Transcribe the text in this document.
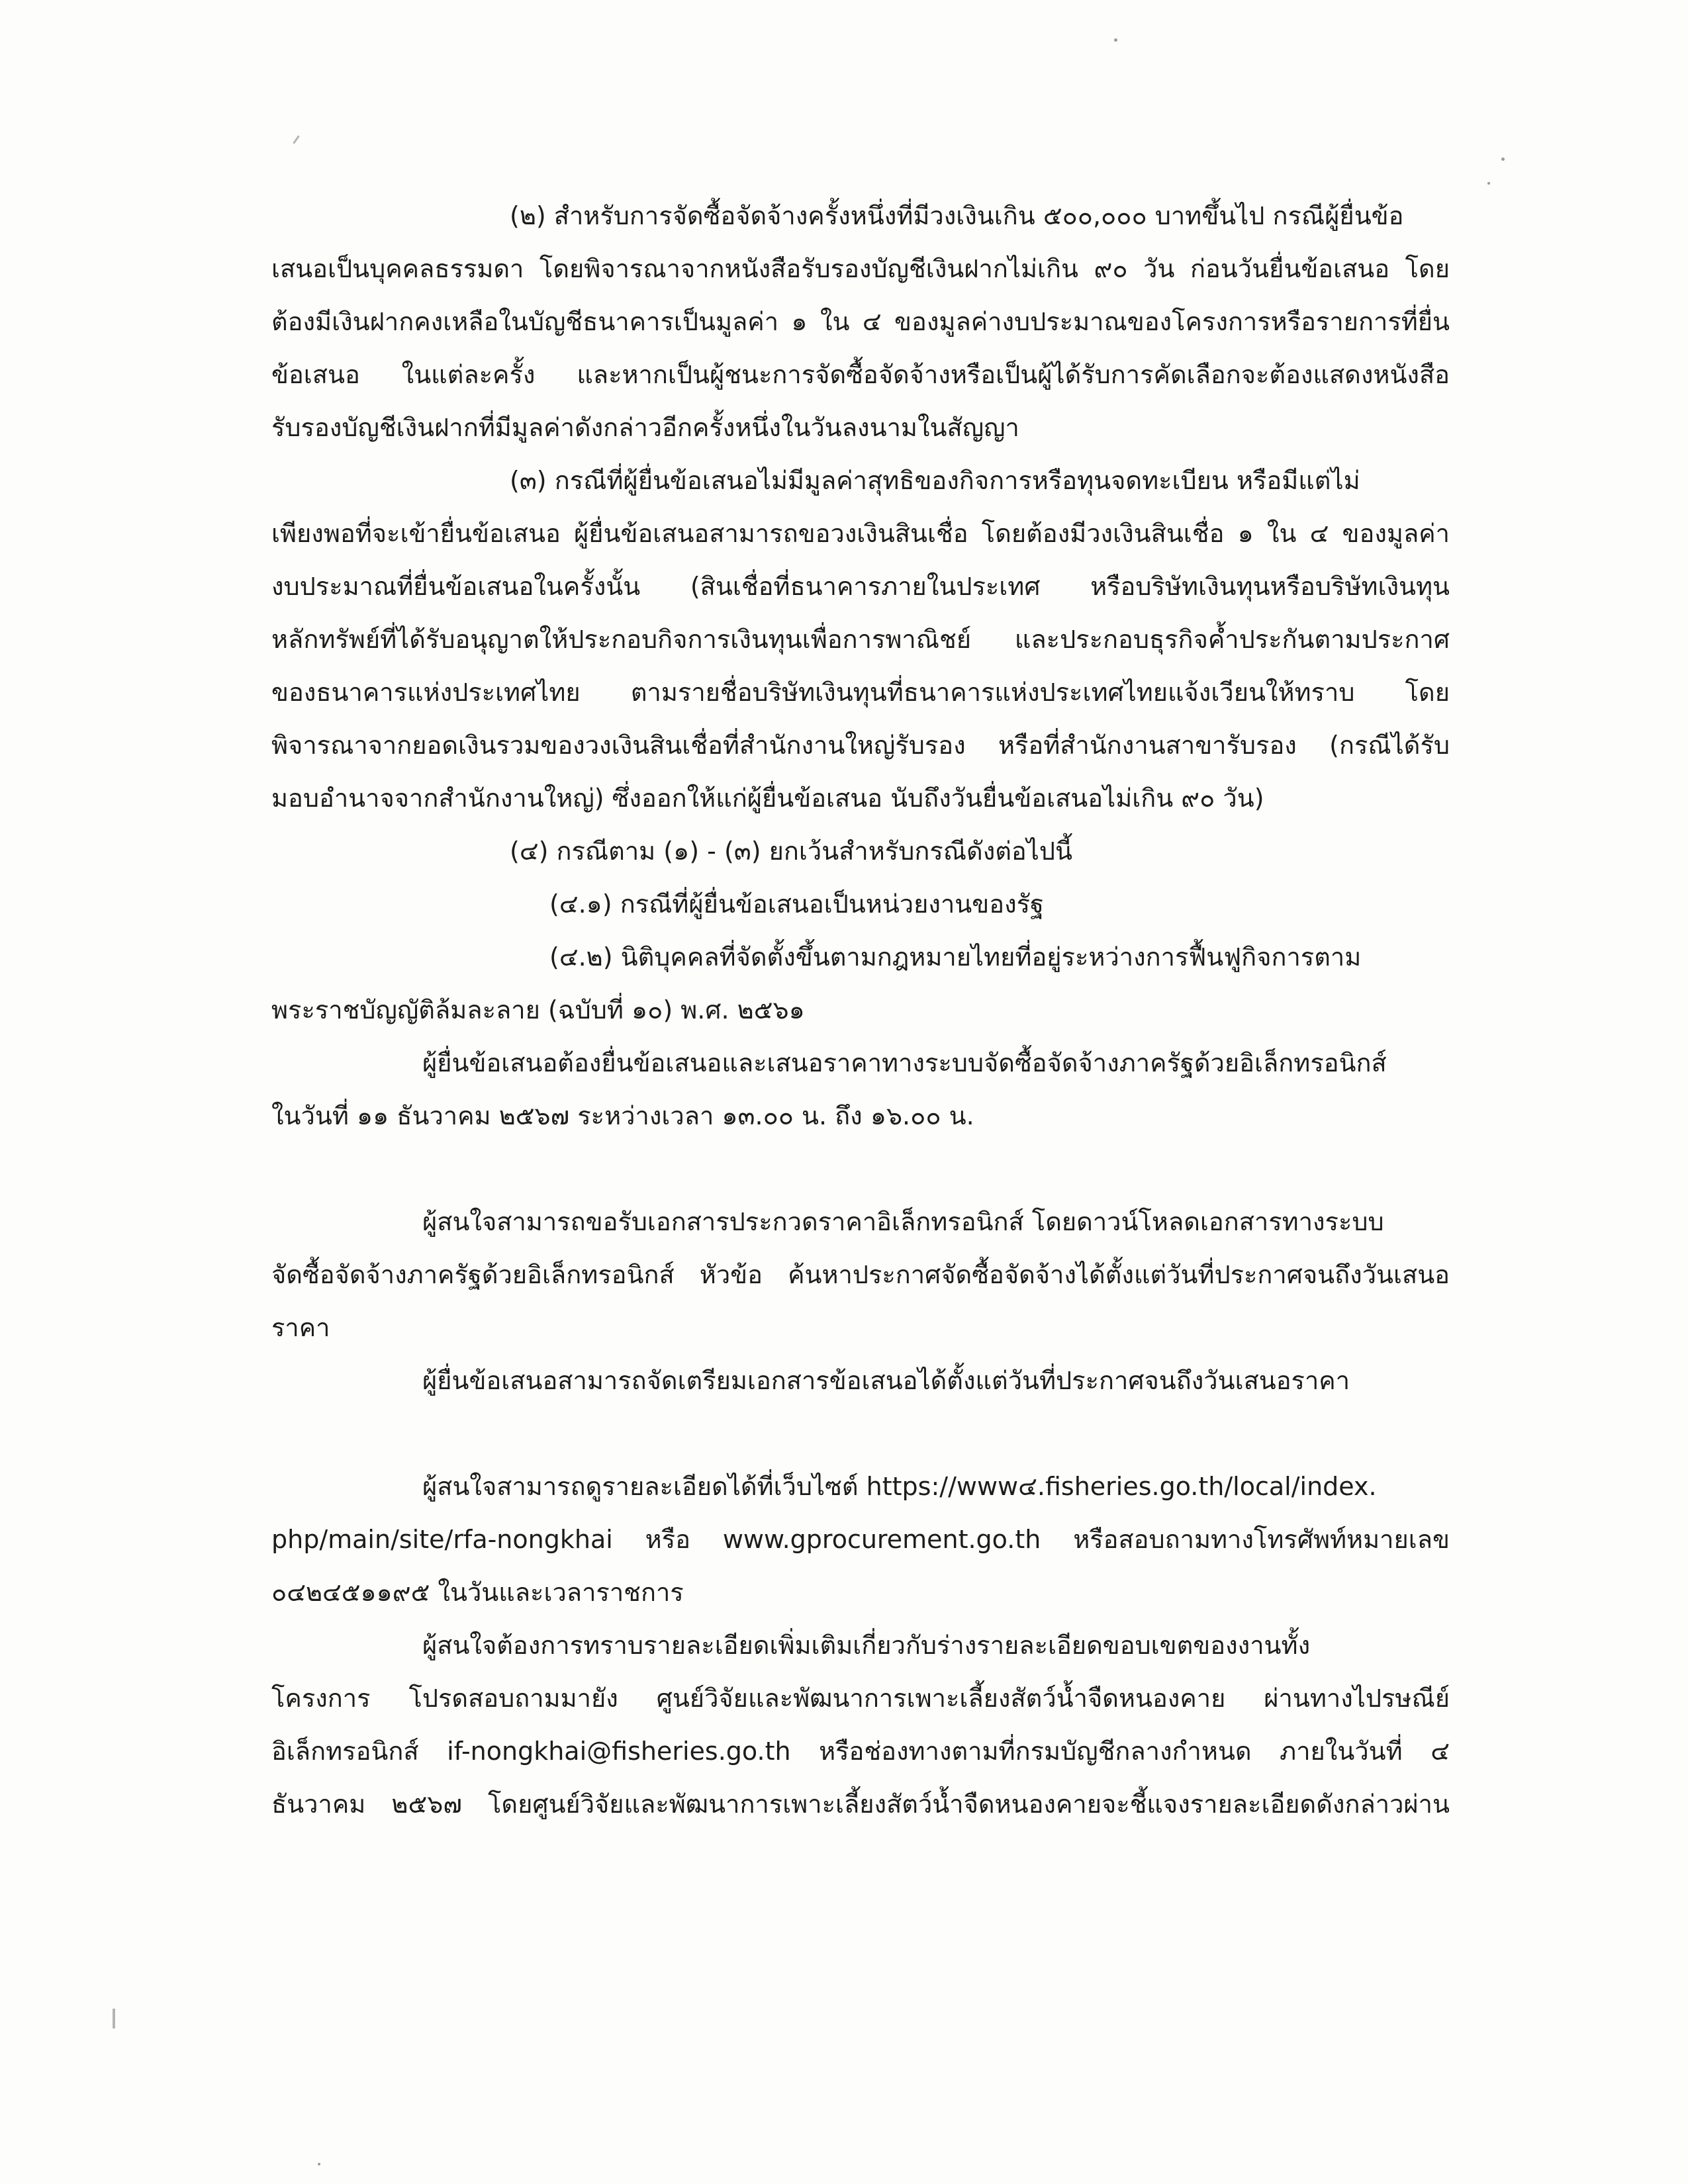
(๒) สำหรับการจัดซื้อจัดจ้างครั้งหนึ่งที่มีวงเงินเกิน ๕๐๐,๐๐๐ บาทขึ้นไป กรณีผู้ยื่นข้อ
เสนอเป็นบุคคลธรรมดา โดยพิจารณาจากหนังสือรับรองบัญชีเงินฝากไม่เกิน ๙๐ วัน ก่อนวันยื่นข้อเสนอ โดย
ต้องมีเงินฝากคงเหลือในบัญชีธนาคารเป็นมูลค่า ๑ ใน ๔ ของมูลค่างบประมาณของโครงการหรือรายการที่ยื่น
ข้อเสนอ ในแต่ละครั้ง และหากเป็นผู้ชนะการจัดซื้อจัดจ้างหรือเป็นผู้ได้รับการคัดเลือกจะต้องแสดงหนังสือ
รับรองบัญชีเงินฝากที่มีมูลค่าดังกล่าวอีกครั้งหนึ่งในวันลงนามในสัญญา
(๓) กรณีที่ผู้ยื่นข้อเสนอไม่มีมูลค่าสุทธิของกิจการหรือทุนจดทะเบียน หรือมีแต่ไม่
เพียงพอที่จะเข้ายื่นข้อเสนอ ผู้ยื่นข้อเสนอสามารถขอวงเงินสินเชื่อ โดยต้องมีวงเงินสินเชื่อ ๑ ใน ๔ ของมูลค่า
งบประมาณที่ยื่นข้อเสนอในครั้งนั้น (สินเชื่อที่ธนาคารภายในประเทศ หรือบริษัทเงินทุนหรือบริษัทเงินทุน
หลักทรัพย์ที่ได้รับอนุญาตให้ประกอบกิจการเงินทุนเพื่อการพาณิชย์ และประกอบธุรกิจค้ำประกันตามประกาศ
ของธนาคารแห่งประเทศไทย ตามรายชื่อบริษัทเงินทุนที่ธนาคารแห่งประเทศไทยแจ้งเวียนให้ทราบ โดย
พิจารณาจากยอดเงินรวมของวงเงินสินเชื่อที่สำนักงานใหญ่รับรอง หรือที่สำนักงานสาขารับรอง (กรณีได้รับ
มอบอำนาจจากสำนักงานใหญ่) ซึ่งออกให้แก่ผู้ยื่นข้อเสนอ นับถึงวันยื่นข้อเสนอไม่เกิน ๙๐ วัน)
(๔) กรณีตาม (๑) - (๓) ยกเว้นสำหรับกรณีดังต่อไปนี้
(๔.๑) กรณีที่ผู้ยื่นข้อเสนอเป็นหน่วยงานของรัฐ
(๔.๒) นิติบุคคลที่จัดตั้งขึ้นตามกฎหมายไทยที่อยู่ระหว่างการฟื้นฟูกิจการตาม
พระราชบัญญัติล้มละลาย (ฉบับที่ ๑๐) พ.ศ. ๒๕๖๑
ผู้ยื่นข้อเสนอต้องยื่นข้อเสนอและเสนอราคาทางระบบจัดซื้อจัดจ้างภาครัฐด้วยอิเล็กทรอนิกส์
ในวันที่ ๑๑ ธันวาคม ๒๕๖๗ ระหว่างเวลา ๑๓.๐๐ น. ถึง ๑๖.๐๐ น.
ผู้สนใจสามารถขอรับเอกสารประกวดราคาอิเล็กทรอนิกส์ โดยดาวน์โหลดเอกสารทางระบบ
จัดซื้อจัดจ้างภาครัฐด้วยอิเล็กทรอนิกส์ หัวข้อ ค้นหาประกาศจัดซื้อจัดจ้างได้ตั้งแต่วันที่ประกาศจนถึงวันเสนอ
ราคา
ผู้ยื่นข้อเสนอสามารถจัดเตรียมเอกสารข้อเสนอได้ตั้งแต่วันที่ประกาศจนถึงวันเสนอราคา
ผู้สนใจสามารถดูรายละเอียดได้ที่เว็บไซต์ https://www๔.fisheries.go.th/local/index.
php/main/site/rfa-nongkhai หรือ www.gprocurement.go.th หรือสอบถามทางโทรศัพท์หมายเลข
๐๔๒๔๕๑๑๙๕ ในวันและเวลาราชการ
ผู้สนใจต้องการทราบรายละเอียดเพิ่มเติมเกี่ยวกับร่างรายละเอียดขอบเขตของงานทั้ง
โครงการ โปรดสอบถามมายัง ศูนย์วิจัยและพัฒนาการเพาะเลี้ยงสัตว์น้ำจืดหนองคาย ผ่านทางไปรษณีย์
อิเล็กทรอนิกส์ if-nongkhai@fisheries.go.th หรือช่องทางตามที่กรมบัญชีกลางกำหนด ภายในวันที่ ๔
ธันวาคม ๒๕๖๗ โดยศูนย์วิจัยและพัฒนาการเพาะเลี้ยงสัตว์น้ำจืดหนองคายจะชี้แจงรายละเอียดดังกล่าวผ่าน
